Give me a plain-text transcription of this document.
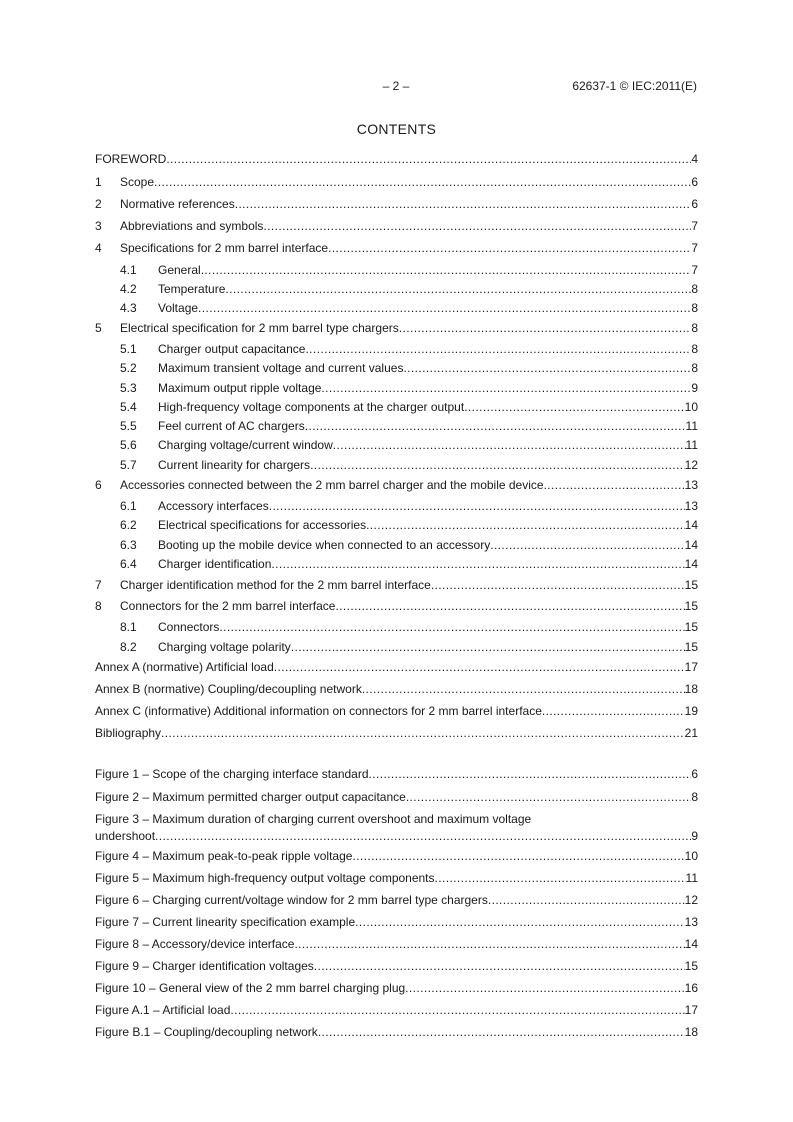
– 2 –	62637-1 © IEC:2011(E)
CONTENTS
FOREWORD .....	4
1	Scope .....	6
2	Normative references .....	6
3	Abbreviations and symbols .....	7
4	Specifications for 2 mm barrel interface .....	7
4.1	General .....	7
4.2	Temperature .....	8
4.3	Voltage .....	8
5	Electrical specification for 2 mm barrel type chargers .....	8
5.1	Charger output capacitance .....	8
5.2	Maximum transient voltage and current values .....	8
5.3	Maximum output ripple voltage .....	9
5.4	High-frequency voltage components at the charger output .....	10
5.5	Feel current of AC chargers .....	11
5.6	Charging voltage/current window .....	11
5.7	Current linearity for chargers .....	12
6	Accessories connected between the 2 mm barrel charger and the mobile device .....	13
6.1	Accessory interfaces .....	13
6.2	Electrical specifications for accessories .....	14
6.3	Booting up the mobile device when connected to an accessory .....	14
6.4	Charger identification .....	14
7	Charger identification method for the 2 mm barrel interface .....	15
8	Connectors for the 2 mm barrel interface .....	15
8.1	Connectors .....	15
8.2	Charging voltage polarity .....	15
Annex A (normative) Artificial load .....	17
Annex B (normative) Coupling/decoupling network .....	18
Annex C (informative) Additional information on connectors for 2 mm barrel interface .....	19
Bibliography .....	21
Figure 1 – Scope of the charging interface standard .....	6
Figure 2 – Maximum permitted charger output capacitance .....	8
Figure 3 – Maximum duration of charging current overshoot and maximum voltage
undershoot .....	9
Figure 4 – Maximum peak-to-peak ripple voltage .....	10
Figure 5 – Maximum high-frequency output voltage components .....	11
Figure 6 – Charging current/voltage window for 2 mm barrel type chargers .....	12
Figure 7 – Current linearity specification example .....	13
Figure 8 – Accessory/device interface .....	14
Figure 9 – Charger identification voltages .....	15
Figure 10 – General view of the 2 mm barrel charging plug .....	16
Figure A.1 – Artificial load .....	17
Figure B.1 – Coupling/decoupling network .....	18
